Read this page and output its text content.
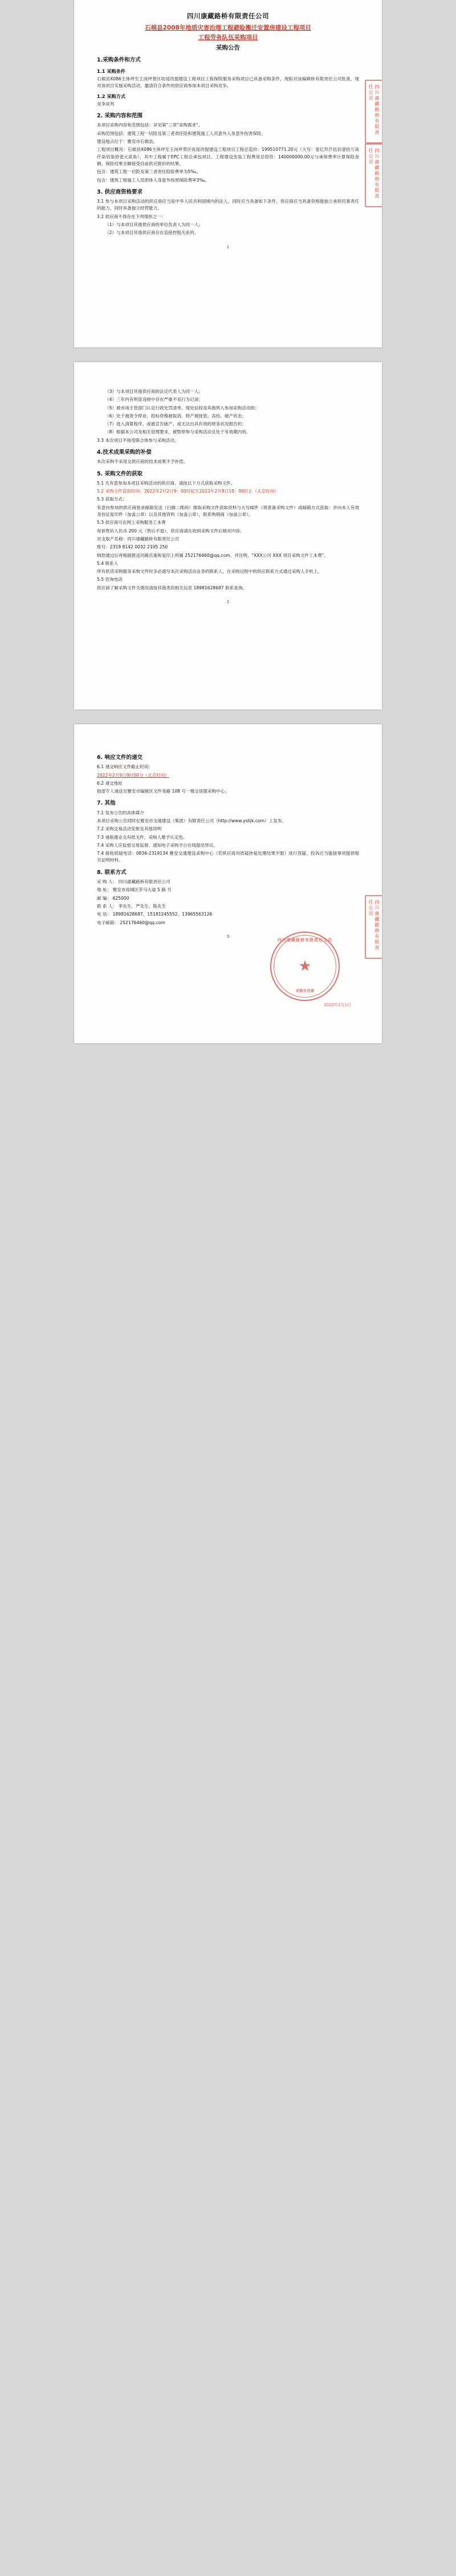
四川康藏路桥有限责任公司
石棉县2008年地质灾害治理工程避险搬迁安置房建设工程项目
工程劳务队伍采购项目
采购公告
1.采购条件和方式
1.1 采购条件

石棉县X086主体坪至王岗坪景区收尾改提建设工程项目工程保险服务采购项目已具备采购条件，现拟对该编辑桥有限责任公司批准，现对该项目实施采购活动，邀请符合条件的供应商参加本项目采购竞争。

1.2 采购方式

竞争谈判

2. 采购内容和范围

本项目采购内容和范围包括：详见第"三章"采购需求"。

采购范围包括：建筑工程一切险及第三者责任险和建筑施工人员意外人身意外伤害保险。

建设地点位于：雅安市石棉县。

工程项目概况：石棉县X086主体坪至王岗坪景区收尾改提建设工程项目工程总造价：199510771.20元（大写：壹亿玖仟伍佰壹拾万柒仟柒佰柒拾壹元贰角），其中工程属于EPC工程总承包项目。工程建设安装工程费用总投资：140000000.00元与承保费率计算保险金额。保险结果全额接受目前供应报价的结果。

包含：建筑工程一切险及第三者责任险险费率为5‰。

包含：建筑工程施工人员团体人身意外伤害保险费率3‰。

3. 供应商资格要求

3.1 参与本项目采购活动的供应商应当是中华人民共和国境内的法人，同时应当具备如下条件，供应商应当具备资格能独立承担民事责任的能力，同时具备独立经营能力。

3.2 供应商不得存在下列情形之一：

（1）与本项目其他供应商的单位负责人为同一人；

（2）与本项目其他供应商存在直接控股关系的。

1
四川康藏路桥有限责任公司
四川康藏路桥有限责任公司

（3）与本项目其他供应商的法定代表人为同一人；

（4）三年内有明显违规中存在严重不良行为记录；

（5）被市场主管部门认定行政处罚清单、现处信权及其他列入参加采购活动的；

（6）处于被责令停业、投标资格被取消、财产被接管、冻结、破产状态；

（7）进入清算程序、或被宣告破产、或无法出具有效的财务状况报告的；

（8）根据本公司及相关管理要求，被暂停参与采购活动且处于有效期内的。

3.3 本次项目不接受联合体参与采购活动。

4.技术成果采购的补偿

本次采购不采用交供应商的技术成果不予补偿。

5. 采购文件的获取

5.1 凡有意参加本项目采购活动的供应商，请按以下方式获取采购文件。

5.2 采购文件获取时间：2022年2月2日9：00时起至2023年2月8日18：00时止（北京时间）

5.3 获取方式：

有意向参加的供应商登录邮箱发送（扫描二维码）推取采购文件获取资料与大写邮件（须准备采购文件）或邮箱方式获取：并向本人有效身份证复印件（加盖公章）以及其他资料（加盖公章），联系购销商（加盖公章）。

5.3 供应商可在网上采购服务工本费

每套售价人民币 200 元（售后不退），供应商请在收到采购文件后核对内容。

对支取产名称：四川康藏路桥有限责任公司

账号：2319 8142 0032 2105 250

纳款通过后将根据报送河路岳案和复印上所属 252176460@qq.com，并注明，"XXX公司 XXX 项目采购文件工本费"。

5.4 联系人

所有供货采购服务采购文件时多必通写本次采购活动业务的联系人，在采购过程中的供应联系方式通过采购人手机上。

5.5 咨询电话

供应商了解采购文件关情况请按其他类似相关信息 18981628687 联系查询。

2
6. 响应文件的递交

6.1 递交响应文件截止时间：

2022年2月9日9时00分（北京时间）

6.2 递交地址

指部专人递送至雅安市编辑区文件务路 108 号一楼交谈服采购中心。

7. 其他

7.1 发布公告的具体媒介

本项目采购公告同时在雅安市交通建设（集团）有限责任公司（http://www.yslijk.com）上发布。

7.2 采购交易活动安排及其他说明

7.3 递取通业交有纸文件、采购人维予认定色。

7.4 采购人应监督交易监督、通知电子采购平台在线提出异议。

7.4 接收质疑电话：0836-2319134 雅安交通建设采购中心（若供应商对质疑抄复处理结果不服）进行答疑、投诉应当能按事项提供相关证明材料。

8. 联系方式

采 购 人： 四川康藏路桥有限责任公司

地 址： 雅安市雨城区茶马大道 5 路 号

邮 编： 625000

联 系 人： 李先生、严先生、陈先生

电 话： 18981628687、15181245552、13965563126

电子邮箱： 252176460@qq.com

★
四川康藏路桥有限责任公司
采购专用章
2022年2月1日
四川康藏路桥有限责任公司
3
